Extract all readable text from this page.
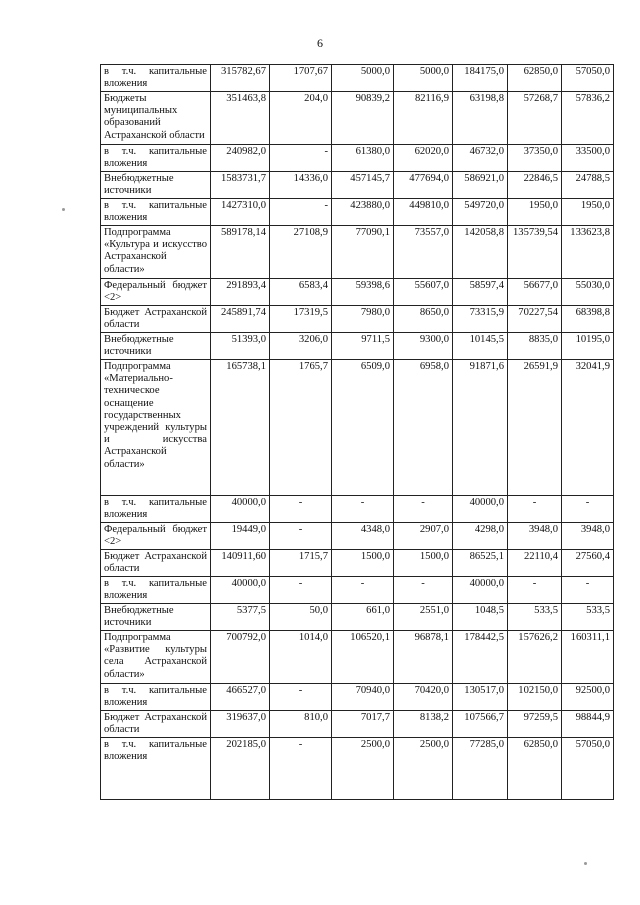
6
в т.ч. капитальные вложения	315782,67	1707,67	5000,0	5000,0	184175,0	62850,0	57050,0
Бюджеты муниципальных образований Астраханской области	351463,8	204,0	90839,2	82116,9	63198,8	57268,7	57836,2
в т.ч. капитальные вложения	240982,0	-	61380,0	62020,0	46732,0	37350,0	33500,0
Внебюджетные источники	1583731,7	14336,0	457145,7	477694,0	586921,0	22846,5	24788,5
в т.ч. капитальные вложения	1427310,0	-	423880,0	449810,0	549720,0	1950,0	1950,0
Подпрограмма «Культура и искусство Астраханской области»	589178,14	27108,9	77090,1	73557,0	142058,8	135739,54	133623,8
Федеральный бюджет <2>	291893,4	6583,4	59398,6	55607,0	58597,4	56677,0	55030,0
Бюджет Астраханской области	245891,74	17319,5	7980,0	8650,0	73315,9	70227,54	68398,8
Внебюджетные источники	51393,0	3206,0	9711,5	9300,0	10145,5	8835,0	10195,0
Подпрограмма «Материально-техническое оснащение государственных учреждений культуры и искусства Астраханской области»	165738,1	1765,7	6509,0	6958,0	91871,6	26591,9	32041,9
в т.ч. капитальные вложения	40000,0	-	-	-	40000,0	-	-
Федеральный бюджет <2>	19449,0	-	4348,0	2907,0	4298,0	3948,0	3948,0
Бюджет Астраханской области	140911,60	1715,7	1500,0	1500,0	86525,1	22110,4	27560,4
в т.ч. капитальные вложения	40000,0	-	-	-	40000,0	-	-
Внебюджетные источники	5377,5	50,0	661,0	2551,0	1048,5	533,5	533,5
Подпрограмма «Развитие культуры села Астраханской области»	700792,0	1014,0	106520,1	96878,1	178442,5	157626,2	160311,1
в т.ч. капитальные вложения	466527,0	-	70940,0	70420,0	130517,0	102150,0	92500,0
Бюджет Астраханской области	319637,0	810,0	7017,7	8138,2	107566,7	97259,5	98844,9
в т.ч. капитальные вложения	202185,0	-	2500,0	2500,0	77285,0	62850,0	57050,0
